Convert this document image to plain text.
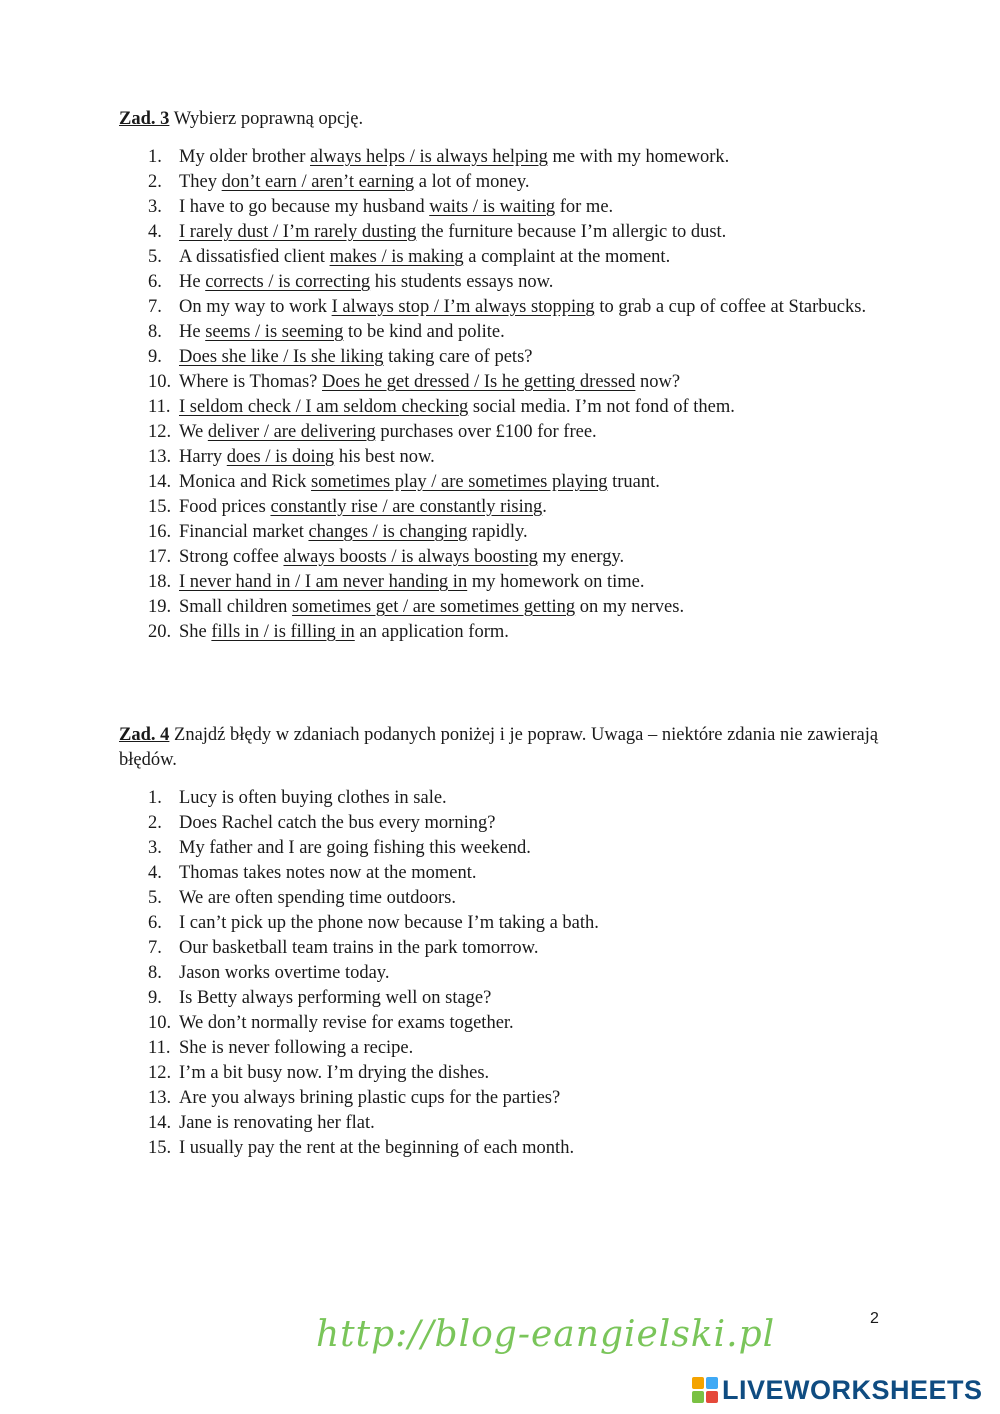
Zad. 3 Wybierz poprawną opcję.
1. My older brother always helps / is always helping me with my homework.
2. They don’t earn / aren’t earning a lot of money.
3. I have to go because my husband waits / is waiting for me.
4. I rarely dust / I’m rarely dusting the furniture because I’m allergic to dust.
5. A dissatisfied client makes / is making a complaint at the moment.
6. He corrects / is correcting his students essays now.
7. On my way to work I always stop / I’m always stopping to grab a cup of coffee at Starbucks.
8. He seems / is seeming to be kind and polite.
9. Does she like / Is she liking taking care of pets?
10. Where is Thomas? Does he get dressed / Is he getting dressed now?
11. I seldom check / I am seldom checking social media. I’m not fond of them.
12. We deliver / are delivering purchases over £100 for free.
13. Harry does / is doing his best now.
14. Monica and Rick sometimes play / are sometimes playing truant.
15. Food prices constantly rise / are constantly rising.
16. Financial market changes / is changing rapidly.
17. Strong coffee always boosts / is always boosting my energy.
18. I never hand in / I am never handing in my homework on time.
19. Small children sometimes get / are sometimes getting on my nerves.
20. She fills in / is filling in an application form.
Zad. 4 Znajdź błędy w zdaniach podanych poniżej i je popraw. Uwaga – niektóre zdania nie zawierają błędów.
1. Lucy is often buying clothes in sale.
2. Does Rachel catch the bus every morning?
3. My father and I are going fishing this weekend.
4. Thomas takes notes now at the moment.
5. We are often spending time outdoors.
6. I can’t pick up the phone now because I’m taking a bath.
7. Our basketball team trains in the park tomorrow.
8. Jason works overtime today.
9. Is Betty always performing well on stage?
10. We don’t normally revise for exams together.
11. She is never following a recipe.
12. I’m a bit busy now. I’m drying the dishes.
13. Are you always brining plastic cups for the parties?
14. Jane is renovating her flat.
15. I usually pay the rent at the beginning of each month.
2
http://blog-eangielski.pl
LIVEWORKSHEETS
